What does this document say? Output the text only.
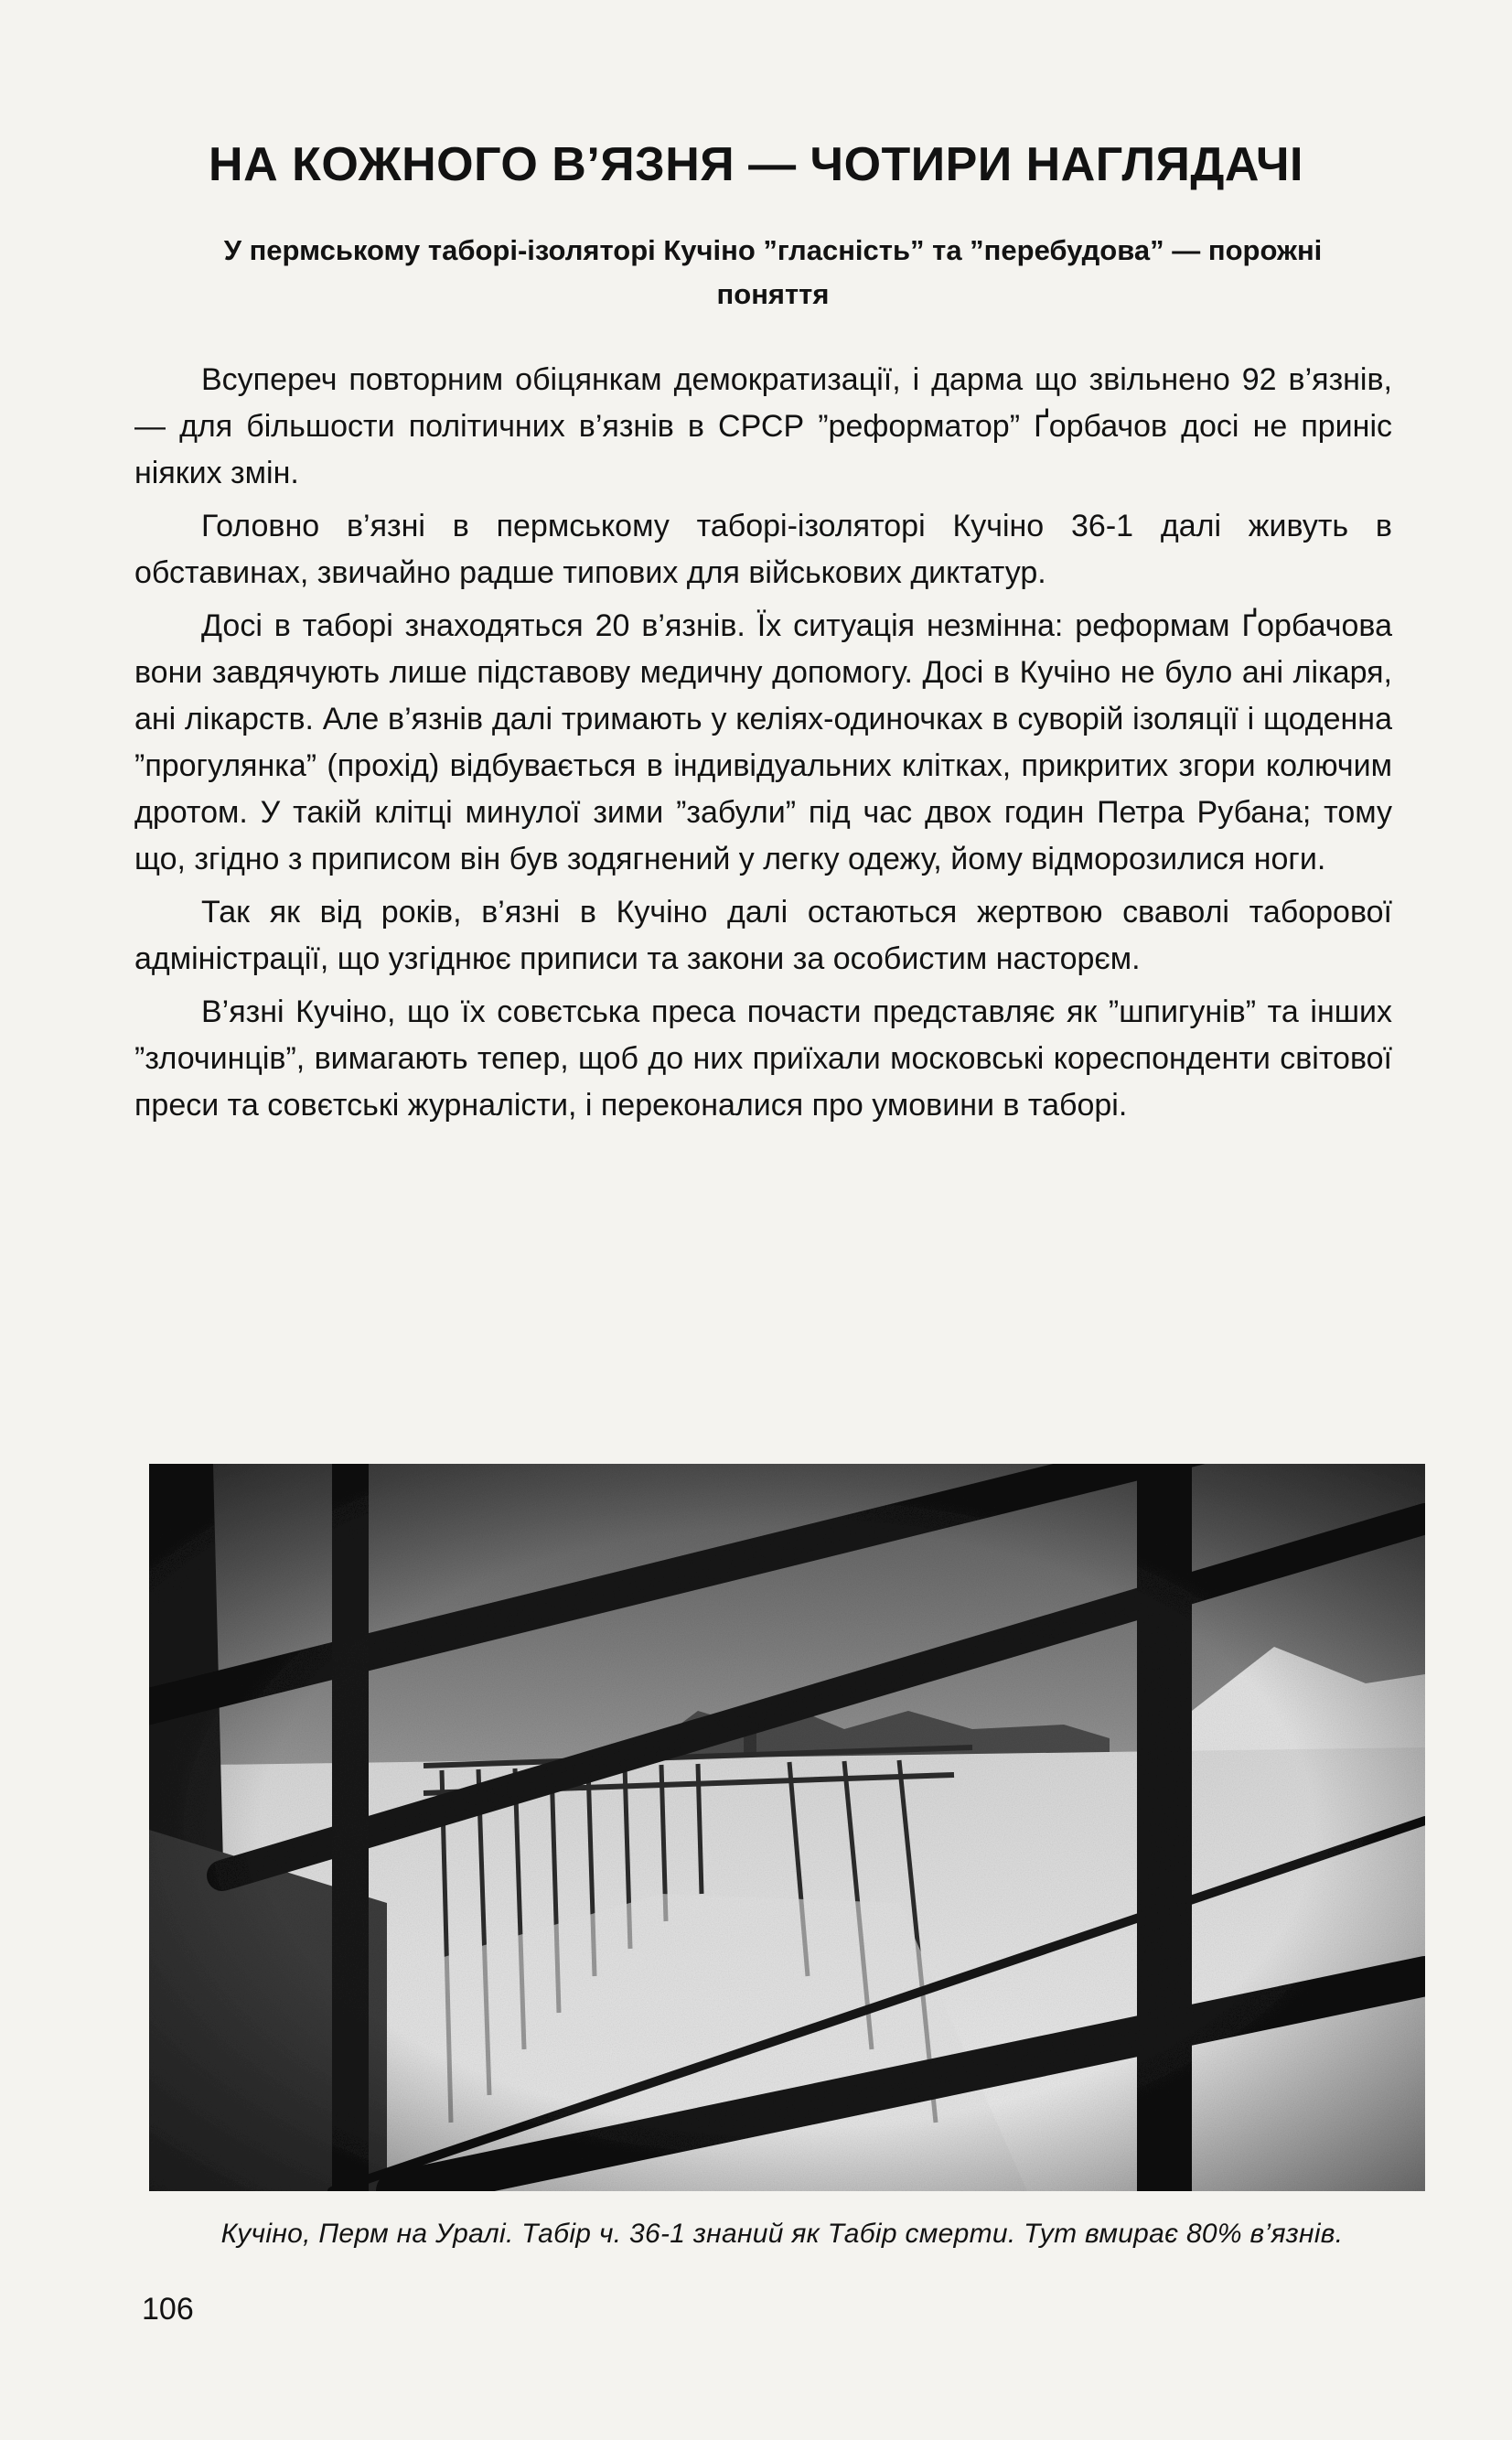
НА КОЖНОГО В’ЯЗНЯ — ЧОТИРИ НАГЛЯДАЧІ
У пермському таборі-ізоляторі Кучіно ”гласність” та ”перебудова” — порожні поняття

Всупереч повторним обіцянкам демократизації, і дарма що звільнено 92 в’язнів, — для більшости політичних в’язнів в СРСР ”реформатор” Ґорбачов досі не приніс ніяких змін.

Головно в’язні в пермському таборі-ізоляторі Кучіно 36-1 далі живуть в обставинах, звичайно радше типових для військових диктатур.

Досі в таборі знаходяться 20 в’язнів. Їх ситуація незмінна: реформам Ґорбачова вони завдячують лише підставову медичну допомогу. Досі в Кучіно не було ані лікаря, ані лікарств. Але в’язнів далі тримають у келіях-одиночках в суворій ізоляції і щоденна ”прогулянка” (прохід) відбувається в індивідуальних клітках, прикритих згори колючим дротом. У такій клітці минулої зими ”забули” під час двох годин Петра Рубана; тому що, згідно з приписом він був зодягнений у легку одежу, йому відморозилися ноги.

Так як від років, в’язні в Кучіно далі остаються жертвою сваволі таборової адміністрації, що узгіднює приписи та закони за особистим насторєм.

В’язні Кучіно, що їх совєтська преса почасти представляє як ”шпигунів” та інших ”злочинців”, вимагають тепер, щоб до них приїхали московські кореспонденти світової преси та совєтські журналісти, і переконалися про умовини в таборі.

Кучіно, Перм на Уралі. Табір ч. 36-1 знаний як Табір смерти. Тут вмирає 80% в’язнів.
106
